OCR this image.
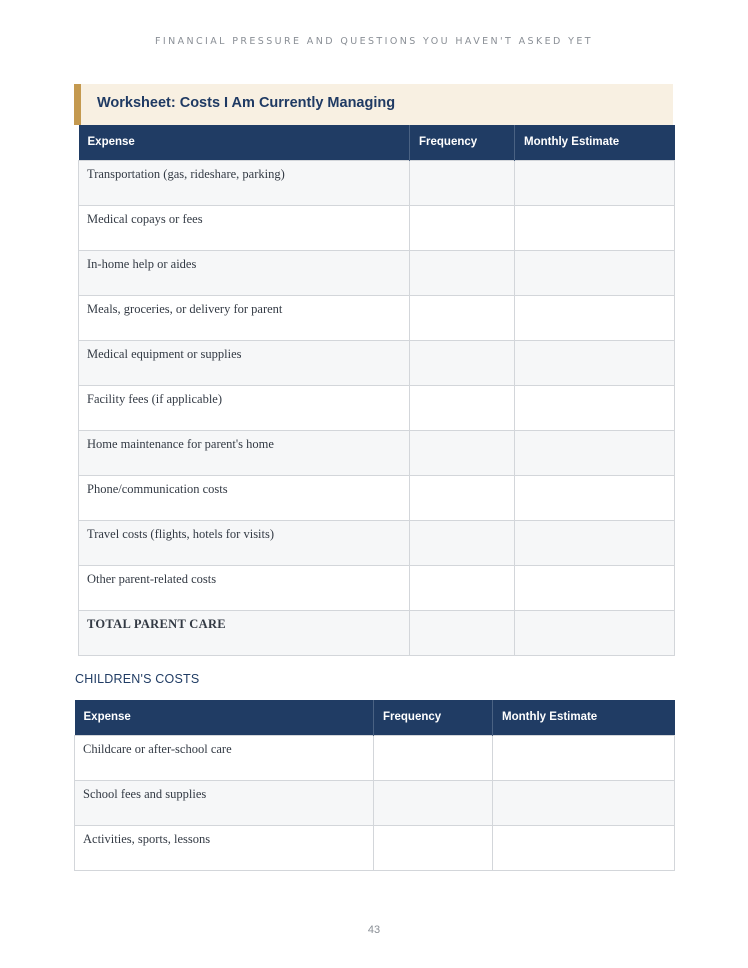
FINANCIAL PRESSURE AND QUESTIONS YOU HAVEN'T ASKED YET
Worksheet: Costs I Am Currently Managing
Expense	Frequency	Monthly Estimate
Transportation (gas, rideshare, parking)		
Medical copays or fees		
In-home help or aides		
Meals, groceries, or delivery for parent		
Medical equipment or supplies		
Facility fees (if applicable)		
Home maintenance for parent's home		
Phone/communication costs		
Travel costs (flights, hotels for visits)		
Other parent-related costs		
TOTAL PARENT CARE		
CHILDREN'S COSTS
Expense	Frequency	Monthly Estimate
Childcare or after-school care		
School fees and supplies		
Activities, sports, lessons		
43
